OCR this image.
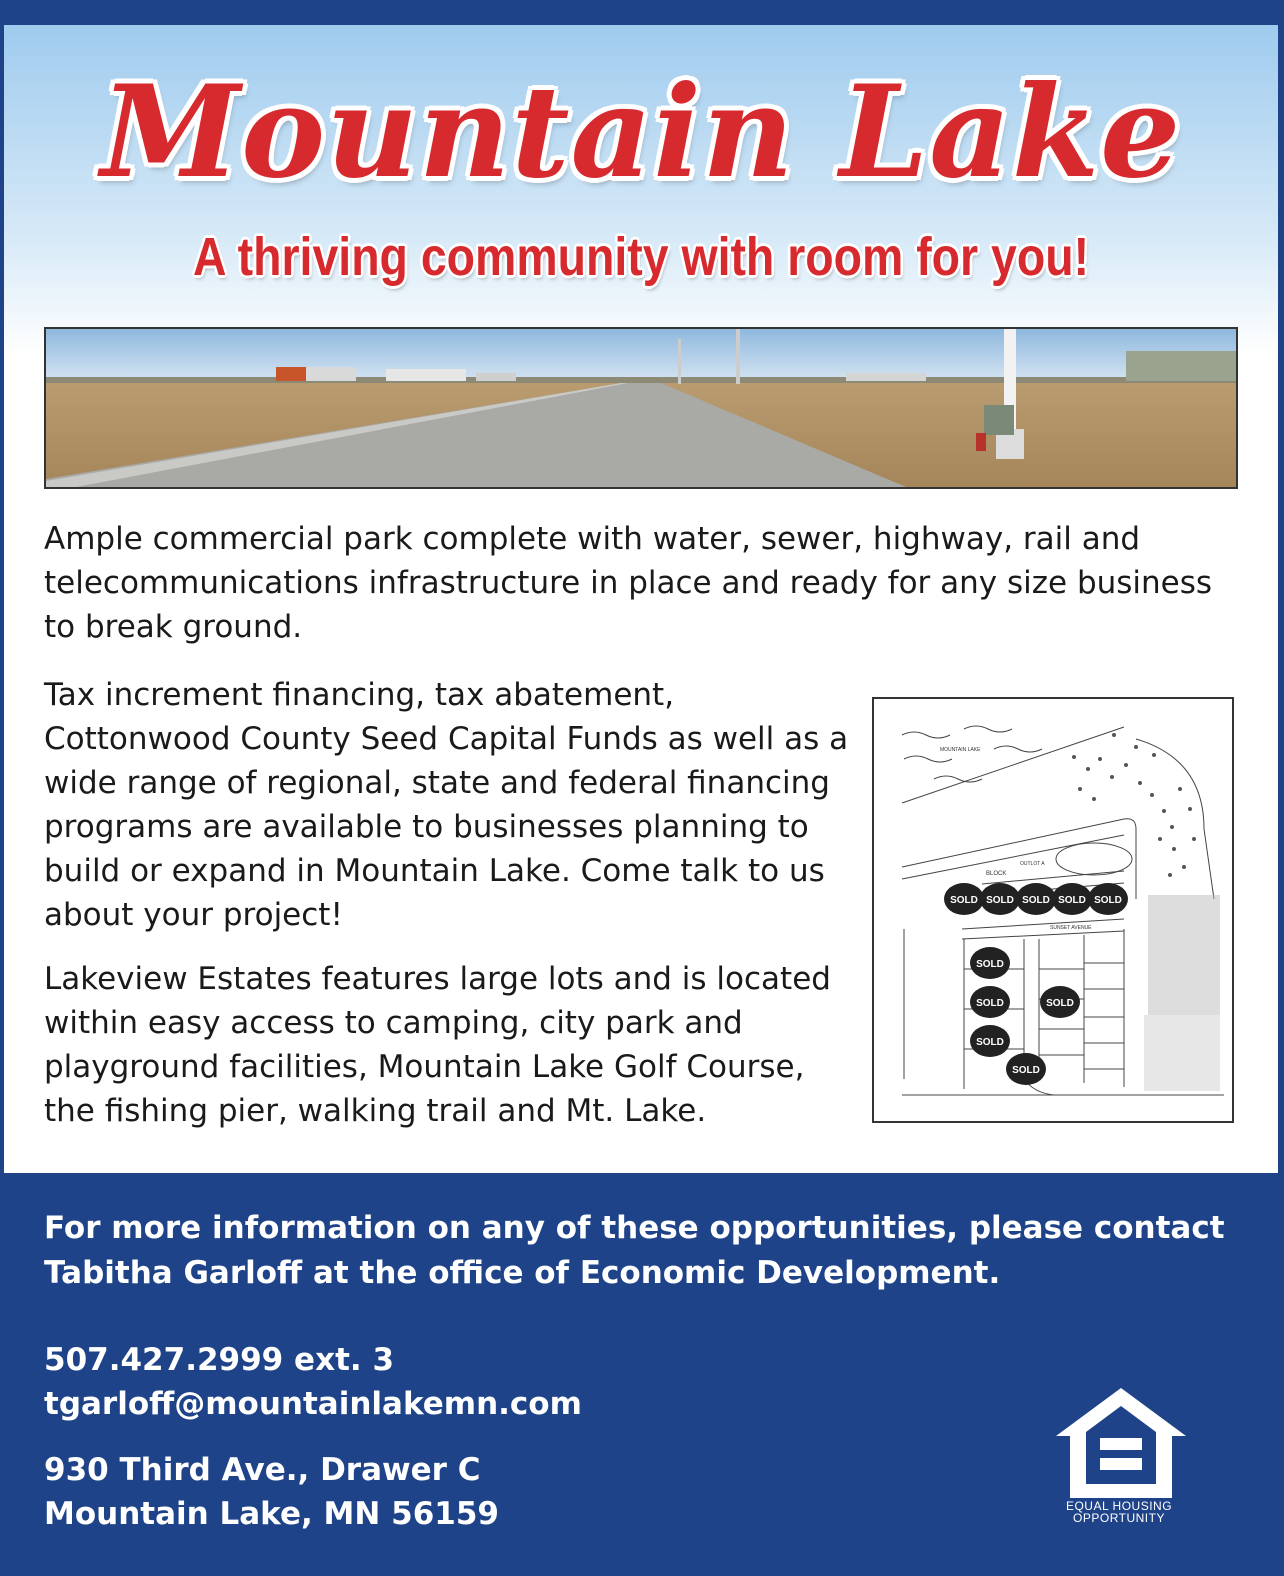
Mountain Lake
A thriving community with room for you!

Ample commercial park complete with water, sewer, highway, rail and telecommunications infrastructure in place and ready for any size business to break ground.

Tax increment financing, tax abatement, Cottonwood County Seed Capital Funds as well as a wide range of regional, state and federal financing programs are available to businesses planning to build or expand in Mountain Lake. Come talk to us about your project!

Lakeview Estates features large lots and is located within easy access to camping, city park and playground facilities, Mountain Lake Golf Course, the fishing pier, walking trail and Mt. Lake.

MOUNTAIN LAKE
BLOCK
OUTLOT A
SUNSET AVENUE
SOLD SOLD SOLD SOLD SOLD
SOLD
SOLD	SOLD
SOLD
SOLD

For more information on any of these opportunities, please contact Tabitha Garloff at the office of Economic Development.

507.427.2999 ext. 3

tgarloff@mountainlakemn.com

930 Third Ave., Drawer C

Mountain Lake, MN 56159	EQUAL HOUSING
OPPORTUNITY
